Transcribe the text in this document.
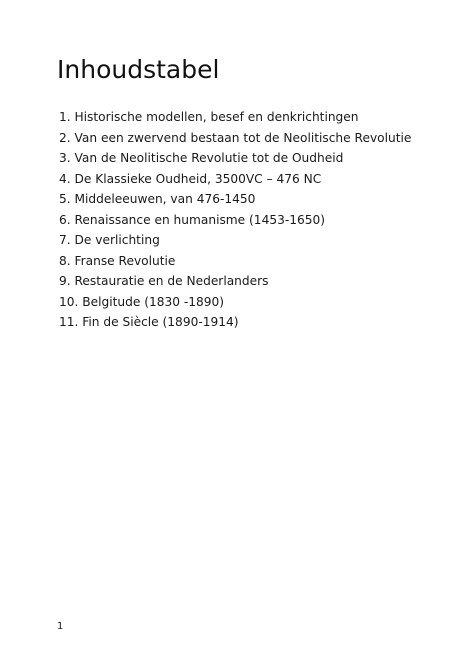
Inhoudstabel
1. Historische modellen, besef en denkrichtingen
2. Van een zwervend bestaan tot de Neolitische Revolutie
3. Van de Neolitische Revolutie tot de Oudheid
4. De Klassieke Oudheid, 3500VC – 476 NC
5. Middeleeuwen, van 476-1450
6. Renaissance en humanisme (1453-1650)
7. De verlichting
8. Franse Revolutie
9. Restauratie en de Nederlanders
10. Belgitude (1830 -1890)
11. Fin de Siècle (1890-1914)
1
